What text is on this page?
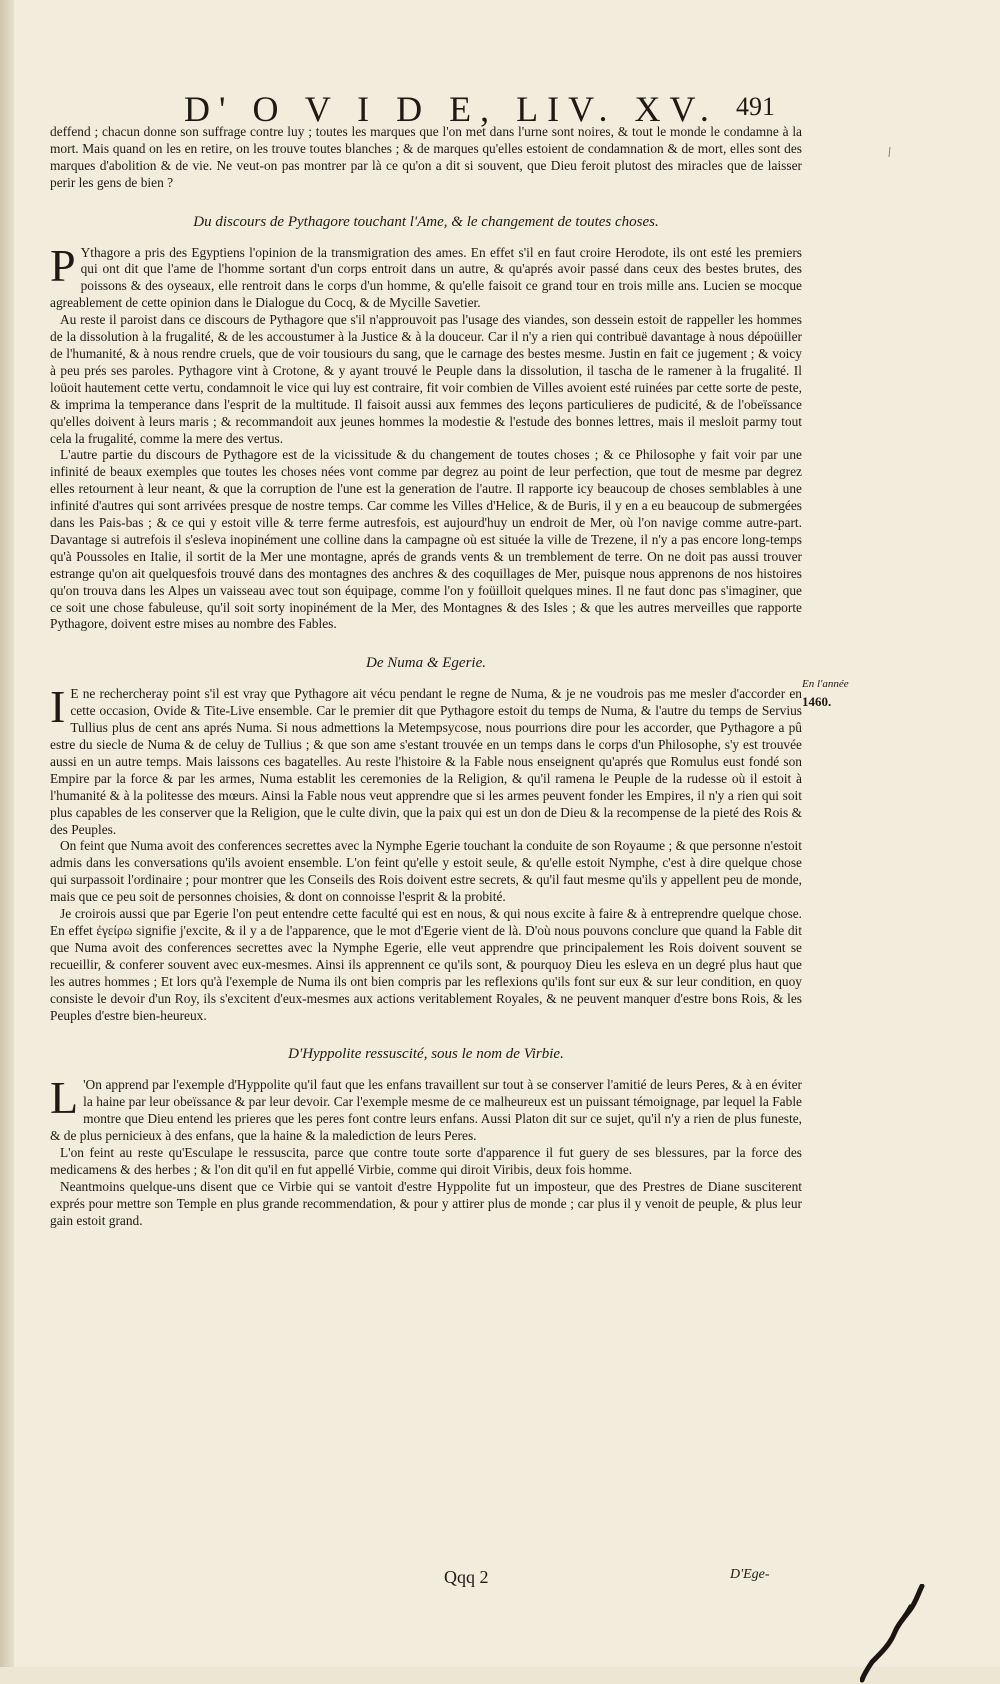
D' O V I D E, LIV. XV. 491

deffend ; chacun donne son suffrage contre luy ; toutes les marques que l'on met dans l'urne sont noires, & tout le monde le condamne à la mort. Mais quand on les en retire, on les trouve toutes blanches ; & de marques qu'elles estoient de condamnation & de mort, elles sont des marques d'abolition & de vie. Ne veut-on pas montrer par là ce qu'on a dit si souvent, que Dieu feroit plutost des miracles que de laisser perir les gens de bien ?

Du discours de Pythagore touchant l'Ame, & le changement de toutes choses.

P Ythagore a pris des Egyptiens l'opinion de la transmigration des ames. En effet s'il en faut croire Herodote, ils ont esté les premiers qui ont dit que l'ame de l'homme sortant d'un corps entroit dans un autre, & qu'aprés avoir passé dans ceux des bestes brutes, des poissons & des oyseaux, elle rentroit dans le corps d'un homme, & qu'elle faisoit ce grand tour en trois mille ans. Lucien se mocque agreablement de cette opinion dans le Dialogue du Cocq, & de Mycille Savetier.

Au reste il paroist dans ce discours de Pythagore que s'il n'approuvoit pas l'usage des viandes, son dessein estoit de rappeller les hommes de la dissolution à la frugalité, & de les accoustumer à la Justice & à la douceur. Car il n'y a rien qui contribuë davantage à nous dépoüiller de l'humanité, & à nous rendre cruels, que de voir tousiours du sang, que le carnage des bestes mesme. Justin en fait ce jugement ; & voicy à peu prés ses paroles. Pythagore vint à Crotone, & y ayant trouvé le Peuple dans la dissolution, il tascha de le ramener à la frugalité. Il loüoit hautement cette vertu, condamnoit le vice qui luy est contraire, fit voir combien de Villes avoient esté ruinées par cette sorte de peste, & imprima la temperance dans l'esprit de la multitude. Il faisoit aussi aux femmes des leçons particulieres de pudicité, & de l'obeïssance qu'elles doivent à leurs maris ; & recommandoit aux jeunes hommes la modestie & l'estude des bonnes lettres, mais il mesloit parmy tout cela la frugalité, comme la mere des vertus.

L'autre partie du discours de Pythagore est de la vicissitude & du changement de toutes choses ; & ce Philosophe y fait voir par une infinité de beaux exemples que toutes les choses nées vont comme par degrez au point de leur perfection, que tout de mesme par degrez elles retournent à leur neant, & que la corruption de l'une est la generation de l'autre. Il rapporte icy beaucoup de choses semblables à une infinité d'autres qui sont arrivées presque de nostre temps. Car comme les Villes d'Helice, & de Buris, il y en a eu beaucoup de submergées dans les Pais-bas ; & ce qui y estoit ville & terre ferme autresfois, est aujourd'huy un endroit de Mer, où l'on navige comme autre-part. Davantage si autrefois il s'esleva inopinément une colline dans la campagne où est située la ville de Trezene, il n'y a pas encore long-temps qu'à Poussoles en Italie, il sortit de la Mer une montagne, aprés de grands vents & un tremblement de terre. On ne doit pas aussi trouver estrange qu'on ait quelquesfois trouvé dans des montagnes des anchres & des coquillages de Mer, puisque nous apprenons de nos histoires qu'on trouva dans les Alpes un vaisseau avec tout son équipage, comme l'on y foüilloit quelques mines. Il ne faut donc pas s'imaginer, que ce soit une chose fabuleuse, qu'il soit sorty inopinément de la Mer, des Montagnes & des Isles ; & que les autres merveilles que rapporte Pythagore, doivent estre mises au nombre des Fables.

De Numa & Egerie.

I E ne rechercheray point s'il est vray que Pythagore ait vécu pendant le regne de Numa, & je ne voudrois pas me mesler d'accorder en cette occasion, Ovide & Tite-Live ensemble. Car le premier dit que Pythagore estoit du temps de Numa, & l'autre du temps de Servius Tullius plus de cent ans aprés Numa. Si nous admettions la Metempsycose, nous pourrions dire pour les accorder, que Pythagore a pû estre du siecle de Numa & de celuy de Tullius ; & que son ame s'estant trouvée en un temps dans le corps d'un Philosophe, s'y est trouvée aussi en un autre temps. Mais laissons ces bagatelles. Au reste l'histoire & la Fable nous enseignent qu'aprés que Romulus eust fondé son Empire par la force & par les armes, Numa establit les ceremonies de la Religion, & qu'il ramena le Peuple de la rudesse où il estoit à l'humanité & à la politesse des mœurs. Ainsi la Fable nous veut apprendre que si les armes peuvent fonder les Empires, il n'y a rien qui soit plus capables de les conserver que la Religion, que le culte divin, que la paix qui est un don de Dieu & la recompense de la pieté des Rois & des Peuples.

On feint que Numa avoit des conferences secrettes avec la Nymphe Egerie touchant la conduite de son Royaume ; & que personne n'estoit admis dans les conversations qu'ils avoient ensemble. L'on feint qu'elle y estoit seule, & qu'elle estoit Nymphe, c'est à dire quelque chose qui surpassoit l'ordinaire ; pour montrer que les Conseils des Rois doivent estre secrets, & qu'il faut mesme qu'ils y appellent peu de monde, mais que ce peu soit de personnes choisies, & dont on connoisse l'esprit & la probité.

Je croirois aussi que par Egerie l'on peut entendre cette faculté qui est en nous, & qui nous excite à faire & à entreprendre quelque chose. En effet ἐγείρω signifie j'excite, & il y a de l'apparence, que le mot d'Egerie vient de là. D'où nous pouvons conclure que quand la Fable dit que Numa avoit des conferences secrettes avec la Nymphe Egerie, elle veut apprendre que principalement les Rois doivent souvent se recueillir, & conferer souvent avec eux-mesmes. Ainsi ils apprennent ce qu'ils sont, & pourquoy Dieu les esleva en un degré plus haut que les autres hommes ; Et lors qu'à l'exemple de Numa ils ont bien compris par les reflexions qu'ils font sur eux & sur leur condition, en quoy consiste le devoir d'un Roy, ils s'excitent d'eux-mesmes aux actions veritablement Royales, & ne peuvent manquer d'estre bons Rois, & les Peuples d'estre bien-heureux.

D'Hyppolite ressuscité, sous le nom de Virbie.

L 'On apprend par l'exemple d'Hyppolite qu'il faut que les enfans travaillent sur tout à se conserver l'amitié de leurs Peres, & à en éviter la haine par leur obeïssance & par leur devoir. Car l'exemple mesme de ce malheureux est un puissant témoignage, par lequel la Fable montre que Dieu entend les prieres que les peres font contre leurs enfans. Aussi Platon dit sur ce sujet, qu'il n'y a rien de plus funeste, & de plus pernicieux à des enfans, que la haine & la malediction de leurs Peres.

L'on feint au reste qu'Esculape le ressuscita, parce que contre toute sorte d'apparence il fut guery de ses blessures, par la force des medicamens & des herbes ; & l'on dit qu'il en fut appellé Virbie, comme qui diroit Viribis, deux fois homme.

Neantmoins quelque-uns disent que ce Virbie qui se vantoit d'estre Hyppolite fut un imposteur, que des Prestres de Diane susciterent exprés pour mettre son Temple en plus grande recommendation, & pour y attirer plus de monde ; car plus il y venoit de peuple, & plus leur gain estoit grand.

En l'année
1460.
Qqq 2	D'Ege-
